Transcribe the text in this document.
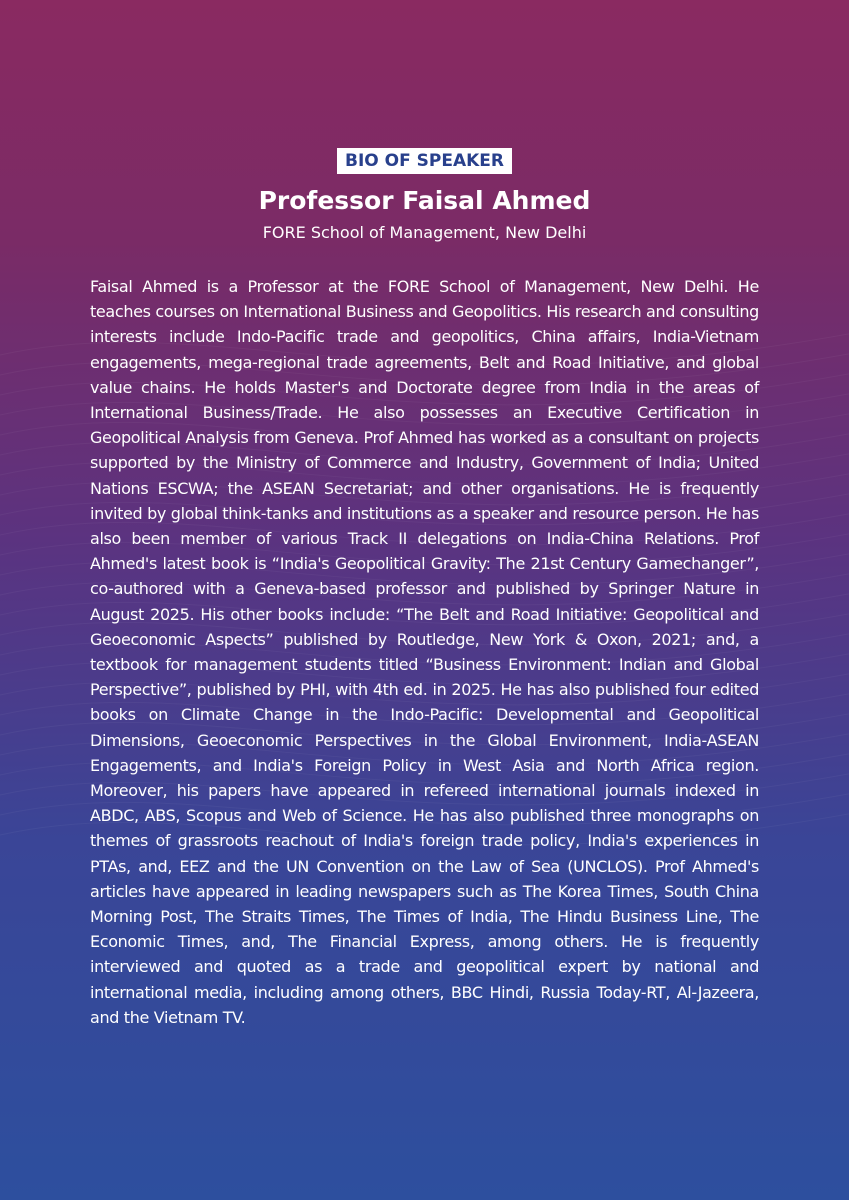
BIO OF SPEAKER
Professor Faisal Ahmed
FORE School of Management, New Delhi
Faisal Ahmed is a Professor at the FORE School of Management, New Delhi. He teaches courses on International Business and Geopolitics. His research and consulting interests include Indo-Pacific trade and geopolitics, China affairs, India-Vietnam engagements, mega-regional trade agreements, Belt and Road Initiative, and global value chains. He holds Master's and Doctorate degree from India in the areas of International Business/Trade. He also possesses an Executive Certification in Geopolitical Analysis from Geneva. Prof Ahmed has worked as a consultant on projects supported by the Ministry of Commerce and Industry, Government of India; United Nations ESCWA; the ASEAN Secretariat; and other organisations. He is frequently invited by global think-tanks and institutions as a speaker and resource person. He has also been member of various Track II delegations on India-China Relations. Prof Ahmed's latest book is “India's Geopolitical Gravity: The 21st Century Gamechanger”, co-authored with a Geneva-based professor and published by Springer Nature in August 2025. His other books include: “The Belt and Road Initiative: Geopolitical and Geoeconomic Aspects” published by Routledge, New York & Oxon, 2021; and, a textbook for management students titled “Business Environment: Indian and Global Perspective”, published by PHI, with 4th ed. in 2025. He has also published four edited books on Climate Change in the Indo-Pacific: Developmental and Geopolitical Dimensions, Geoeconomic Perspectives in the Global Environment, India-ASEAN Engagements, and India's Foreign Policy in West Asia and North Africa region. Moreover, his papers have appeared in refereed international journals indexed in ABDC, ABS, Scopus and Web of Science. He has also published three monographs on themes of grassroots reachout of India's foreign trade policy, India's experiences in PTAs, and, EEZ and the UN Convention on the Law of Sea (UNCLOS). Prof Ahmed's articles have appeared in leading newspapers such as The Korea Times, South China Morning Post, The Straits Times, The Times of India, The Hindu Business Line, The Economic Times, and, The Financial Express, among others. He is frequently interviewed and quoted as a trade and geopolitical expert by national and international media, including among others, BBC Hindi, Russia Today-RT, Al-Jazeera, and the Vietnam TV.
